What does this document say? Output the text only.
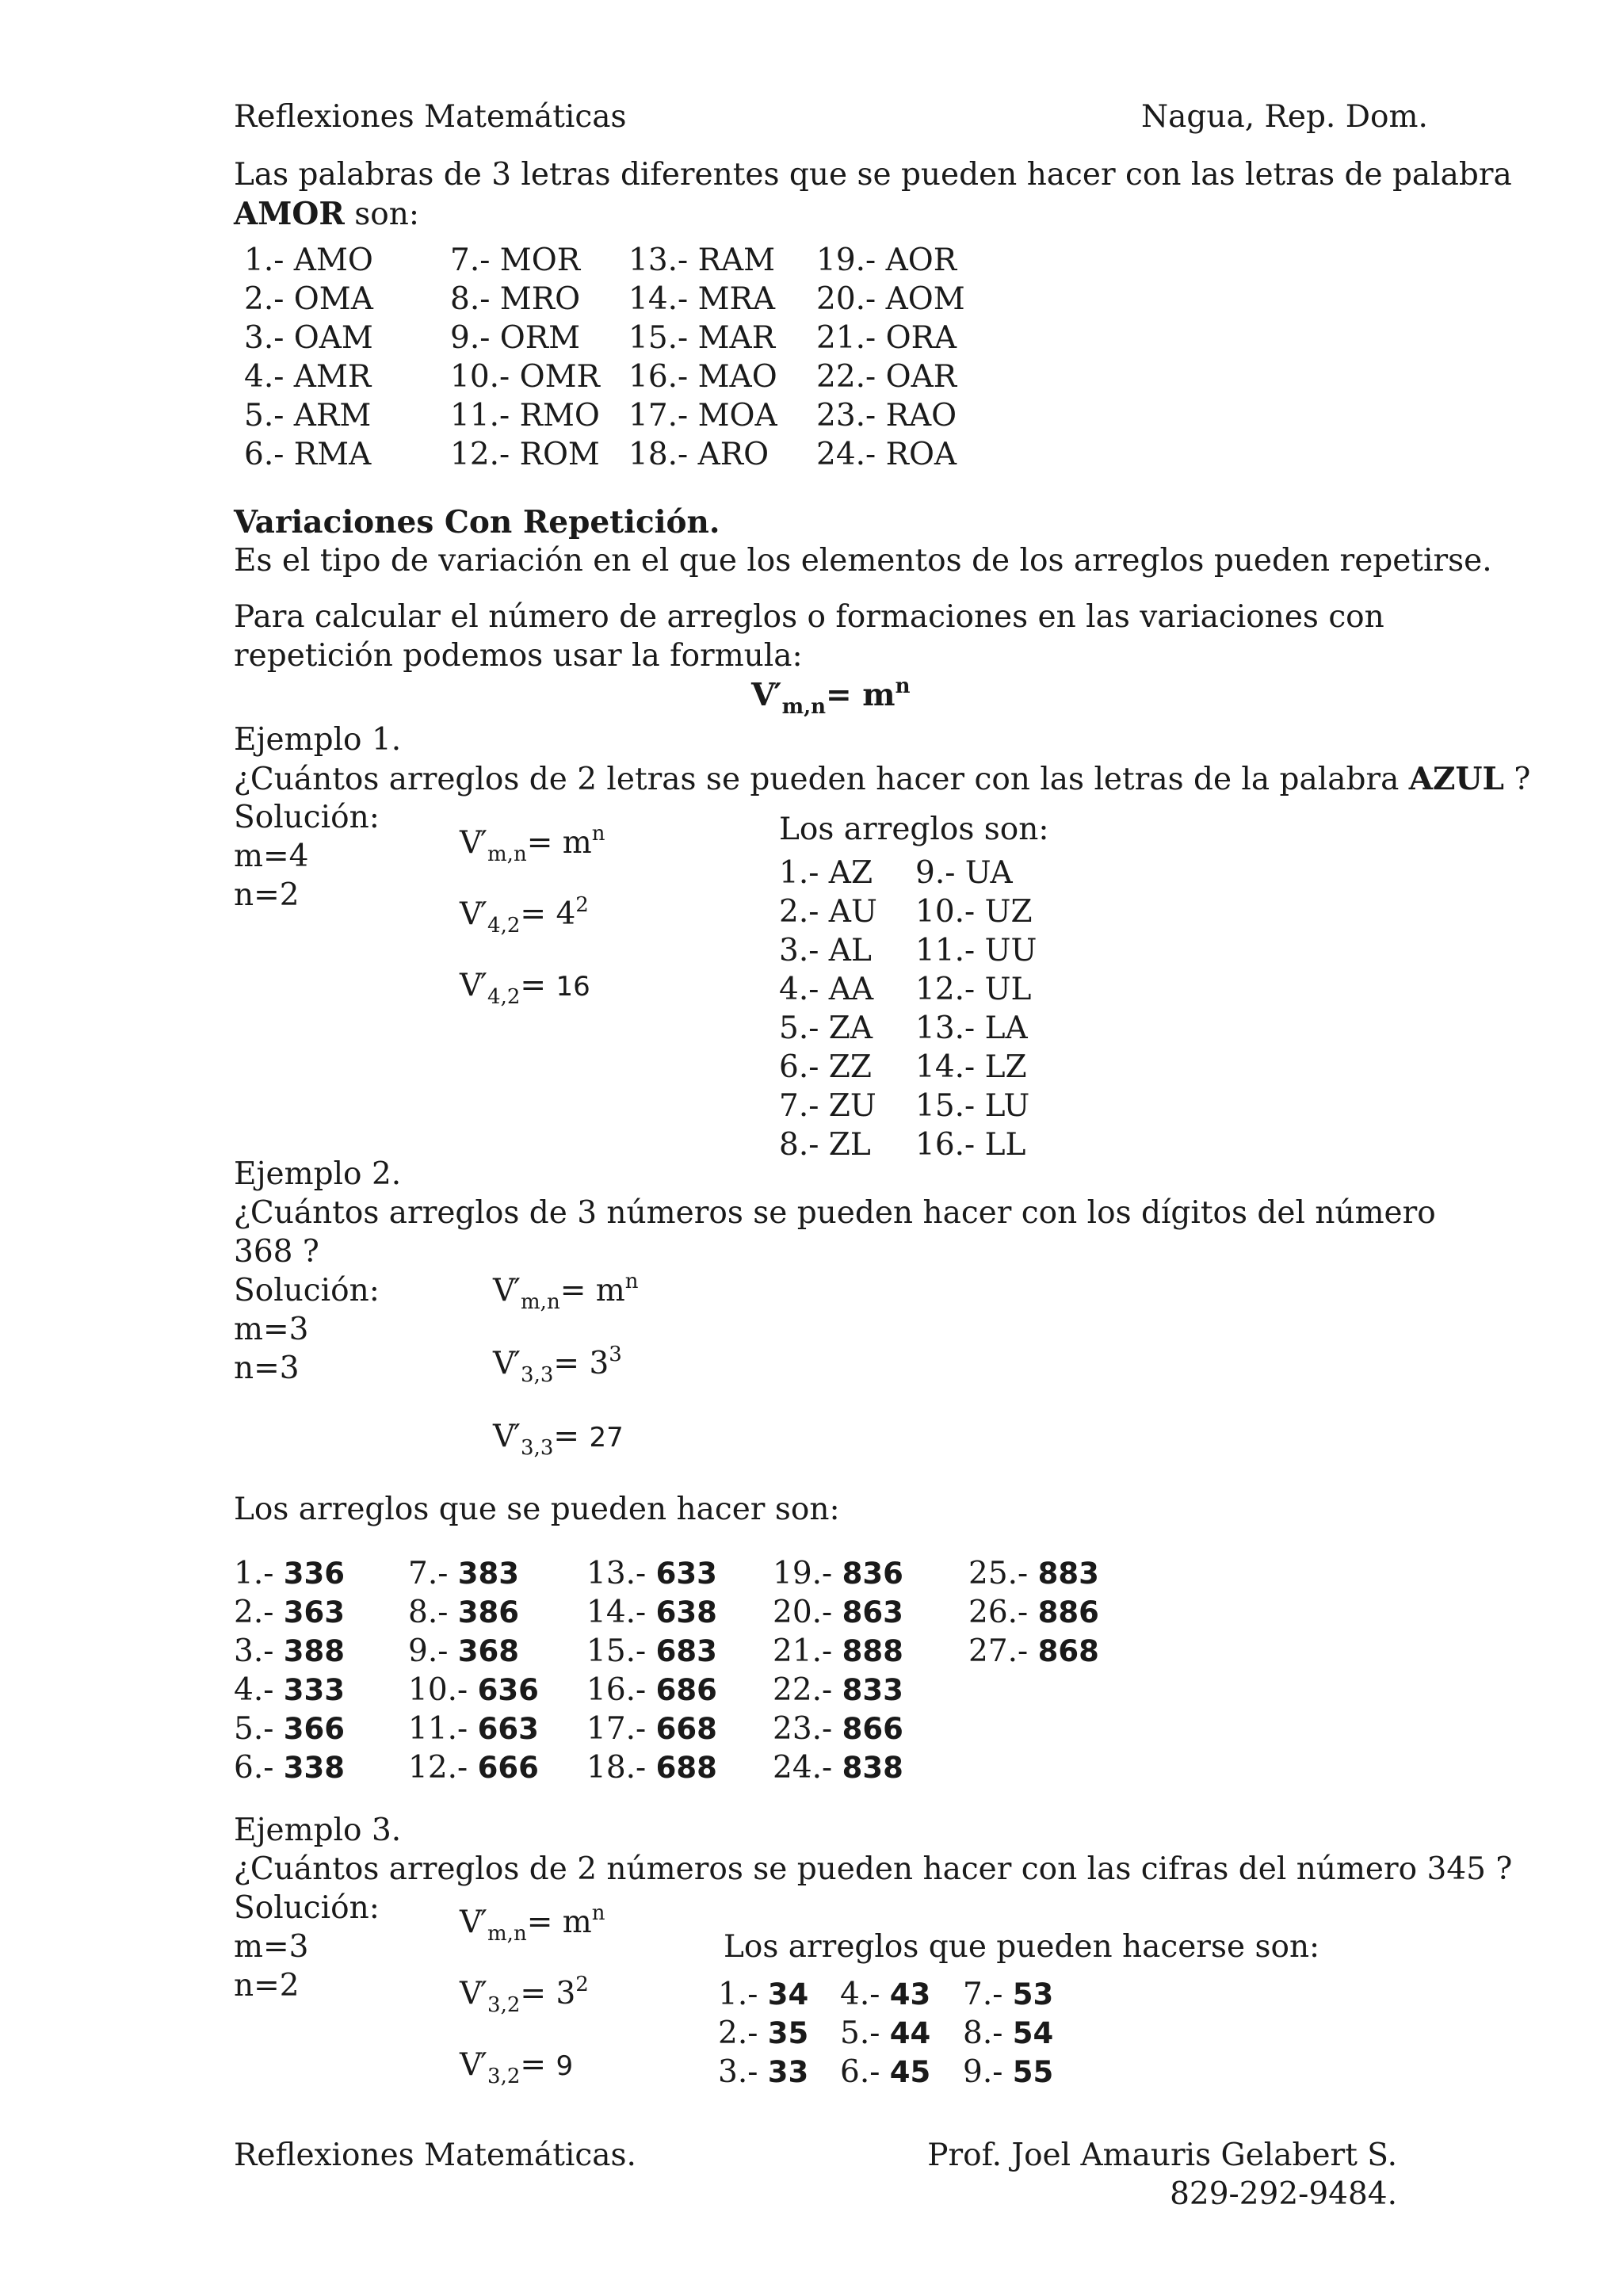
Reflexiones Matemáticas	Nagua, Rep. Dom.
Las palabras de 3 letras diferentes que se pueden hacer con las letras de palabra
AMOR son:
1.- AMO
2.- OMA
3.- OAM
4.- AMR
5.- ARM
6.- RMA
7.- MOR
8.- MRO
9.- ORM
10.- OMR
11.- RMO
12.- ROM
13.- RAM
14.- MRA
15.- MAR
16.- MAO
17.- MOA
18.- ARO
19.- AOR
20.- AOM
21.- ORA
22.- OAR
23.- RAO
24.- ROA
Variaciones Con Repetición.
Es el tipo de variación en el que los elementos de los arreglos pueden repetirse.
Para calcular el número de arreglos o formaciones en las variaciones con
repetición podemos usar la formula:
$V'_{m,n}= m^n$
Ejemplo 1.
¿Cuántos arreglos de 2 letras se pueden hacer con las letras de la palabra AZUL ?
Solución:
m=4
n=2
$V'_{m,n}= m^n$
$V'_{4,2}= 4^2$
$V'_{4,2}= 16$
Los arreglos son:
1.- AZ
2.- AU
3.- AL
4.- AA
5.- ZA
6.- ZZ
7.- ZU
8.- ZL
9.- UA
10.- UZ
11.- UU
12.- UL
13.- LA
14.- LZ
15.- LU
16.- LL
Ejemplo 2.
¿Cuántos arreglos de 3 números se pueden hacer con los dígitos del número
368 ?
Solución:
m=3
n=3
$V'_{m,n}= m^n$
$V'_{3,3}= 3^3$
$V'_{3,3}= 27$
Los arreglos que se pueden hacer son:
1.- 336
2.- 363
3.- 388
4.- 333
5.- 366
6.- 338
7.- 383
8.- 386
9.- 368
10.- 636
11.- 663
12.- 666
13.- 633
14.- 638
15.- 683
16.- 686
17.- 668
18.- 688
19.- 836
20.- 863
21.- 888
22.- 833
23.- 866
24.- 838
25.- 883
26.- 886
27.- 868
Ejemplo 3.
¿Cuántos arreglos de 2 números se pueden hacer con las cifras del número 345 ?
Solución:
m=3
n=2
$V'_{m,n}= m^n$
$V'_{3,2}= 3^2$
$V'_{3,2}= 9$
Los arreglos que pueden hacerse son:
1.- 34
2.- 35
3.- 33
4.- 43
5.- 44
6.- 45
7.- 53
8.- 54
9.- 55
Reflexiones Matemáticas.	Prof. Joel Amauris Gelabert S.
829-292-9484.
